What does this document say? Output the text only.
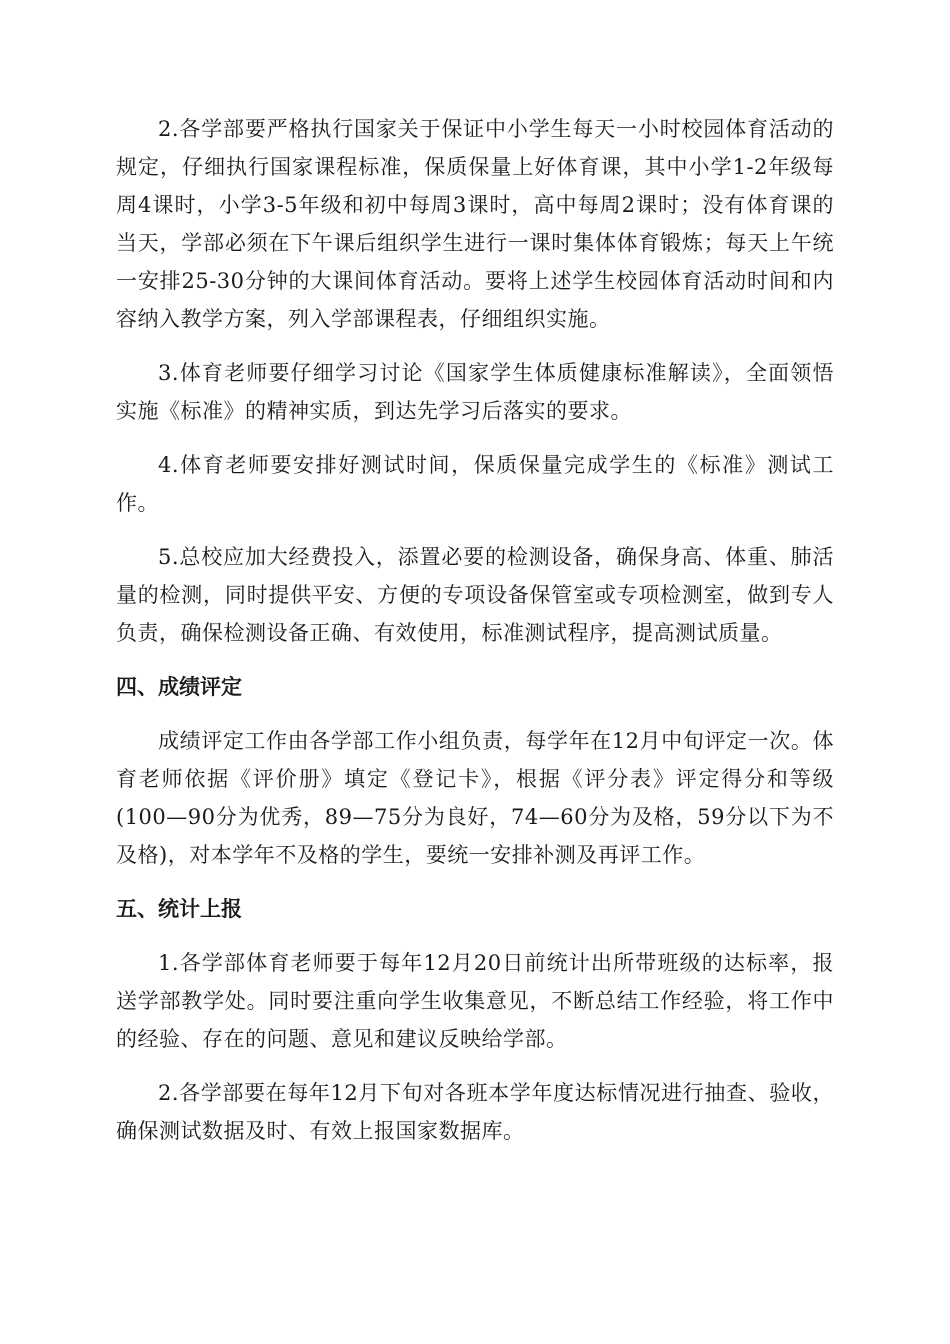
2.各学部要严格执行国家关于保证中小学生每天一小时校园体育活动的规定，仔细执行国家课程标准，保质保量上好体育课，其中小学1-2年级每周4课时，小学3-5年级和初中每周3课时，高中每周2课时；没有体育课的当天，学部必须在下午课后组织学生进行一课时集体体育锻炼；每天上午统一安排25-30分钟的大课间体育活动。要将上述学生校园体育活动时间和内容纳入教学方案，列入学部课程表，仔细组织实施。

3.体育老师要仔细学习讨论《国家学生体质健康标准解读》，全面领悟实施《标准》的精神实质，到达先学习后落实的要求。

4.体育老师要安排好测试时间，保质保量完成学生的《标准》测试工作。

5.总校应加大经费投入，添置必要的检测设备，确保身高、体重、肺活量的检测，同时提供平安、方便的专项设备保管室或专项检测室，做到专人负责，确保检测设备正确、有效使用，标准测试程序，提高测试质量。

四、成绩评定

成绩评定工作由各学部工作小组负责，每学年在12月中旬评定一次。体育老师依据《评价册》填定《登记卡》，根据《评分表》评定得分和等级(100—90分为优秀，89—75分为良好，74—60分为及格，59分以下为不及格)，对本学年不及格的学生，要统一安排补测及再评工作。

五、统计上报

1.各学部体育老师要于每年12月20日前统计出所带班级的达标率，报送学部教学处。同时要注重向学生收集意见，不断总结工作经验，将工作中的经验、存在的问题、意见和建议反映给学部。

2.各学部要在每年12月下旬对各班本学年度达标情况进行抽查、验收，确保测试数据及时、有效上报国家数据库。
